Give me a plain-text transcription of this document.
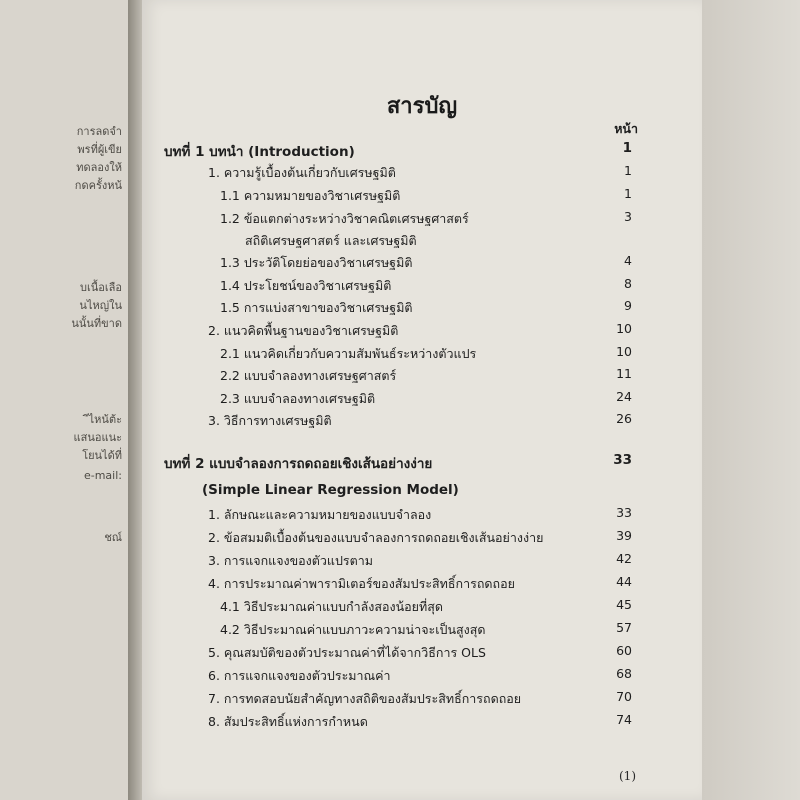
การลดจำ
พรที่ผู้เขีย
ทดลองให้
กดครั้งหน้
บเนื้อเลือ
นไหญ่ใน
นนั้นที่ขาด
ีไหน้ต้ะ
แสนอแนะ
โยนได้ที่
e-mail:
ชณ์
สารบัญ
หน้า
บทที่ 1 บทนำ (Introduction)	1
1. ความรู้เบื้องต้นเกี่ยวกับเศรษฐมิติ	1
1.1 ความหมายของวิชาเศรษฐมิติ	1
1.2 ข้อแตกต่างระหว่างวิชาคณิตเศรษฐศาสตร์	3
สถิติเศรษฐศาสตร์ และเศรษฐมิติ
1.3 ประวัติโดยย่อของวิชาเศรษฐมิติ	4
1.4 ประโยชน์ของวิชาเศรษฐมิติ	8
1.5 การแบ่งสาขาของวิชาเศรษฐมิติ	9
2. แนวคิดพื้นฐานของวิชาเศรษฐมิติ	10
2.1 แนวคิดเกี่ยวกับความสัมพันธ์ระหว่างตัวแปร	10
2.2 แบบจำลองทางเศรษฐศาสตร์	11
2.3 แบบจำลองทางเศรษฐมิติ	24
3. วิธีการทางเศรษฐมิติ	26
บทที่ 2 แบบจำลองการถดถอยเชิงเส้นอย่างง่าย	33
(Simple Linear Regression Model)
1. ลักษณะและความหมายของแบบจำลอง	33
2. ข้อสมมติเบื้องต้นของแบบจำลองการถดถอยเชิงเส้นอย่างง่าย	39
3. การแจกแจงของตัวแปรตาม	42
4. การประมาณค่าพารามิเตอร์ของสัมประสิทธิ์การถดถอย	44
4.1 วิธีประมาณค่าแบบกำลังสองน้อยที่สุด	45
4.2 วิธีประมาณค่าแบบภาวะความน่าจะเป็นสูงสุด	57
5. คุณสมบัติของตัวประมาณค่าที่ได้จากวิธีการ OLS	60
6. การแจกแจงของตัวประมาณค่า	68
7. การทดสอบนัยสำคัญทางสถิติของสัมประสิทธิ์การถดถอย	70
8. สัมประสิทธิ์แห่งการกำหนด	74
(1)
